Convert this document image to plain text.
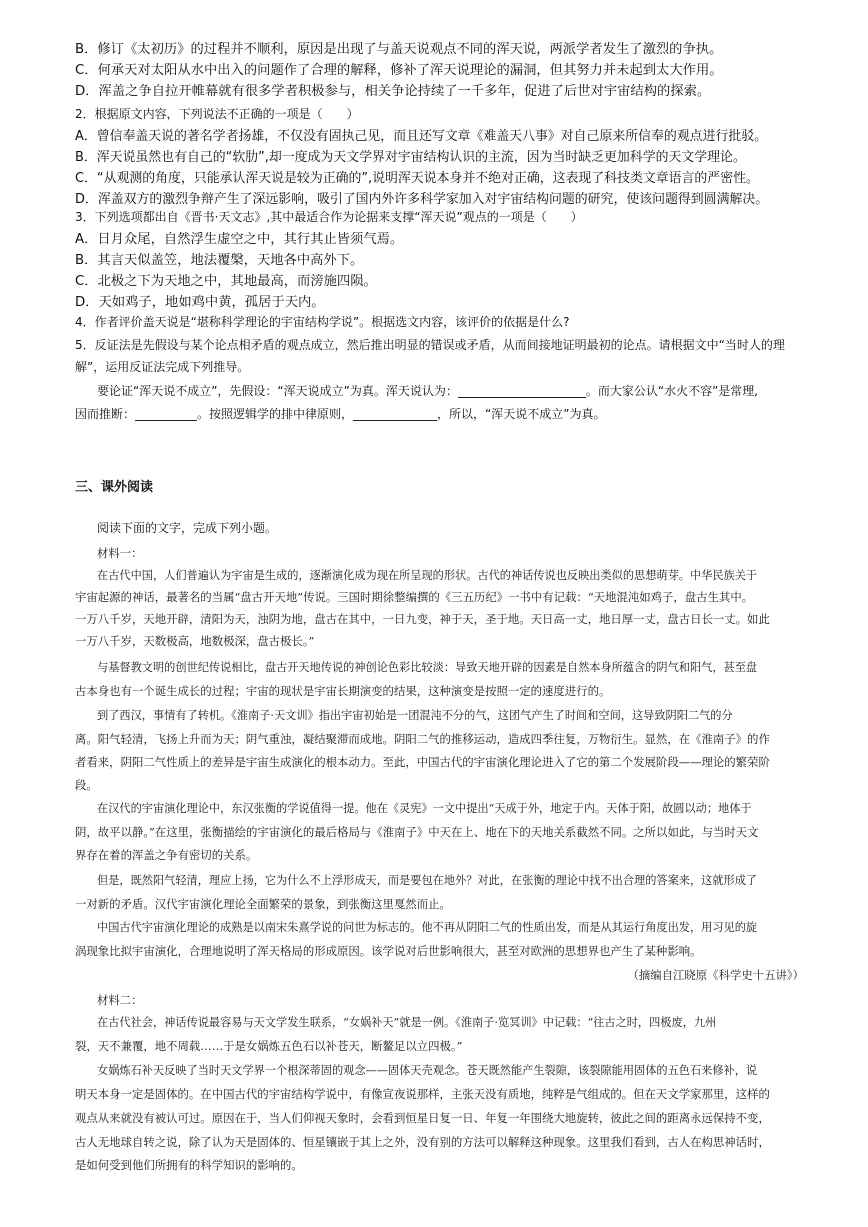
B．修订《太初历》的过程并不顺利，原因是出现了与盖天说观点不同的浑天说，两派学者发生了激烈的争执。
C．何承天对太阳从水中出入的问题作了合理的解释，修补了浑天说理论的漏洞，但其努力并未起到太大作用。
D．浑盖之争自拉开帷幕就有很多学者积极参与，相关争论持续了一千多年，促进了后世对宇宙结构的探索。
2．根据原文内容，下列说法不正确的一项是（　　）
A．曾信奉盖天说的著名学者扬雄，不仅没有固执己见，而且还写文章《难盖天八事》对自己原来所信奉的观点进行批驳。
B．浑天说虽然也有自己的“软肋”,却一度成为天文学界对宇宙结构认识的主流，因为当时缺乏更加科学的天文学理论。
C．“从观测的角度，只能承认浑天说是较为正确的”,说明浑天说本身并不绝对正确，这表现了科技类文章语言的严密性。
D．浑盖双方的激烈争辩产生了深远影响，吸引了国内外许多科学家加入对宇宙结构问题的研究，使该问题得到圆满解决。
3．下列选项都出自《晋书·天文志》,其中最适合作为论据来支撑“浑天说”观点的一项是（　　）
A．日月众尾，自然浮生虚空之中，其行其止皆须气焉。
B．其言天似盖笠，地法覆槃，天地各中高外下。
C．北极之下为天地之中，其地最高，而滂施四陨。
D．天如鸡子，地如鸡中黄，孤居于天内。
4．作者评价盖天说是“堪称科学理论的宇宙结构学说”。根据选文内容，该评价的依据是什么?
5．反证法是先假设与某个论点相矛盾的观点成立，然后推出明显的错误或矛盾，从而间接地证明最初的论点。请根据文中“当时人的理
解”，运用反证法完成下列推导。
要论证“浑天说不成立”，先假设：“浑天说成立”为真。浑天说认为：	。而大家公认“水火不容”是常理,
因而推断：	。按照逻辑学的排中律原则，	，所以，“浑天说不成立”为真。
三、课外阅读
阅读下面的文字，完成下列小题。
材料一：
在古代中国，人们普遍认为宇宙是生成的，逐渐演化成为现在所呈现的形状。古代的神话传说也反映出类似的思想萌芽。中华民族关于
宇宙起源的神话，最著名的当属“盘古开天地”传说。三国时期徐整编撰的《三五历纪》一书中有记载：“天地混沌如鸡子，盘古生其中。
一万八千岁，天地开辟，清阳为天，浊阴为地，盘古在其中，一日九变，神于天，圣于地。天日高一丈，地日厚一丈，盘古日长一丈。如此
一万八千岁，天数极高，地数极深，盘古极长。”
与基督教文明的创世纪传说相比，盘古开天地传说的神创论色彩比较淡：导致天地开辟的因素是自然本身所蕴含的阴气和阳气，甚至盘
古本身也有一个诞生成长的过程；宇宙的现状是宇宙长期演变的结果，这种演变是按照一定的速度进行的。
到了西汉，事情有了转机。《淮南子·天文训》指出宇宙初始是一团混沌不分的气，这团气产生了时间和空间，这导致阴阳二气的分
离。阳气轻清，飞扬上升而为天；阴气重浊，凝结聚滞而成地。阴阳二气的推移运动，造成四季往复，万物衍生。显然，在《淮南子》的作
者看来，阴阳二气性质上的差异是宇宙生成演化的根本动力。至此，中国古代的宇宙演化理论进入了它的第二个发展阶段——理论的繁荣阶
段。
在汉代的宇宙演化理论中，东汉张衡的学说值得一提。他在《灵宪》一文中提出“天成于外，地定于内。天体于阳，故圆以动；地体于
阴，故平以静。”在这里，张衡描绘的宇宙演化的最后格局与《淮南子》中天在上、地在下的天地关系截然不同。之所以如此，与当时天文
界存在着的浑盖之争有密切的关系。
但是，既然阳气轻清，理应上扬，它为什么不上浮形成天，而是要包在地外？对此，在张衡的理论中找不出合理的答案来，这就形成了
一对新的矛盾。汉代宇宙演化理论全面繁荣的景象，到张衡这里戛然而止。
中国古代宇宙演化理论的成熟是以南宋朱熹学说的问世为标志的。他不再从阴阳二气的性质出发，而是从其运行角度出发，用习见的旋
涡现象比拟宇宙演化，合理地说明了浑天格局的形成原因。该学说对后世影响很大，甚至对欧洲的思想界也产生了某种影响。
（摘编自江晓原《科学史十五讲》）
材料二：
在古代社会，神话传说最容易与天文学发生联系，“女娲补天”就是一例。《淮南子·览冥训》中记载：“往古之时，四极废，九州
裂，天不兼覆，地不周载……于是女娲炼五色石以补苍天，断鳌足以立四极。”
女娲炼石补天反映了当时天文学界一个根深蒂固的观念——固体天壳观念。苍天既然能产生裂隙，该裂隙能用固体的五色石来修补，说
明天本身一定是固体的。在中国古代的宇宙结构学说中，有像宣夜说那样，主张天没有质地，纯粹是气组成的。但在天文学家那里，这样的
观点从来就没有被认可过。原因在于，当人们仰视天象时，会看到恒星日复一日、年复一年围绕大地旋转，彼此之间的距离永远保持不变，
古人无地球自转之说，除了认为天是固体的、恒星镶嵌于其上之外，没有别的方法可以解释这种现象。这里我们看到，古人在构思神话时，
是如何受到他们所拥有的科学知识的影响的。
